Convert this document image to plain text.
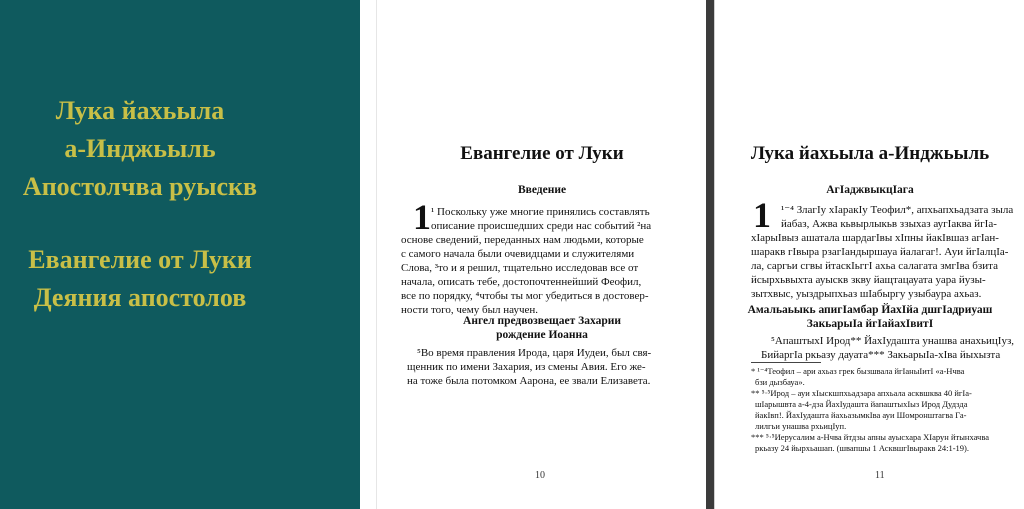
Лука йахьыла
а-Инджьыль
Апостолчва руыскв
Евангелие от Луки
Деяния апостолов
Евангелие от Луки
Введение
1 ¹ Поскольку уже многие принялись составлять
описание происшедших среди нас событий ²на
основе сведений, переданных нам людьми, которые
с самого начала были очевидцами и служителями
Слова, ³то и я решил, тщательно исследовав все от
начала, описать тебе, достопочтеннейший Феофил,
все по порядку, ⁴чтобы ты мог убедиться в достовер-
ности того, чему был научен.
Ангел предвозвещает Захарии
рождение Иоанна
⁵Во время правления Ирода, царя Иудеи, был свя-
щенник по имени Захария, из смены Авия. Его же-
на тоже была потомком Аарона, ее звали Елизавета.
10
Лука йахьыла а-Инджьыль
АгIаджвыкцIага
1 ¹⁻⁴ ЗлагIу хIаракIу Теофил*, апхьапхьадзата зыла
йабаз, Ажва кьвырлыкьв ззыхаз аугIаква йгIа-
хIарыIвыз ашатала шардагIвы хIпны йакIвшаз агIан-
шаракв гIвыра рзагIандыршауа йалагаг!. Ауи йгIалцIа-
ла, саргьи сгвы йтаскIьггI ахьа салагата змгIва бзита
йсырхьвыхта ауыскв зкву йащтацауата уара йузы-
зытхвыс, уыздрыпхьаз шIабыргу узыбаура ахьаз.
Амальаьыкь апигIамбар ЙахIйа дшгIадриуаш
ЗакьарыIа йгIайахIвитI
⁵АпаштыхI Ирод** ЙахIудашта унашва анахьицIуз,
БийаргIа ркьазу дауата*** ЗакьарыIа-хIва йыхызта
* ¹⁻⁴Теофил – ари ахьаз грек бызшвала йгIаныIитI «а-Нчва
бзи дызбауа».
** ⁵·⁵Ирод – ауи хIыскшпхьадзара апхьала асквшква 40 йгIа-
шIарышвта а-4-дза ЙахIудашта йапаштыхIыз Ирод Дудзда
йакIвп!. ЙахIудашта йахьазымкIва ауи Шомронштагва Га-
лилгьи унашва рхьицIуп.
*** ⁵·⁵Иерусалим а-Нчва йтдзы апны ауысхара ХIарун йтынхачва
ркьазу 24 йырхьашап. (швапшы 1 АсквшгIвыракв 24:1-19).
11
